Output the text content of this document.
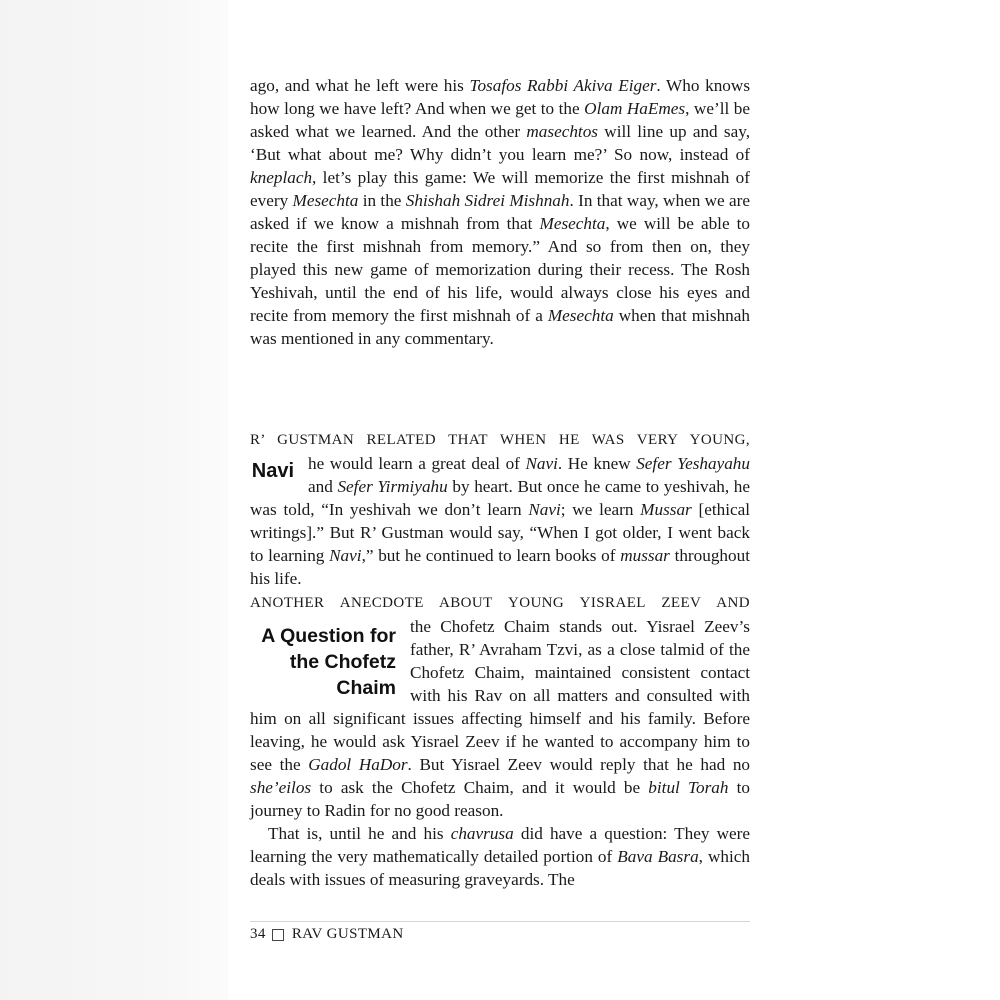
ago, and what he left were his Tosafos Rabbi Akiva Eiger. Who knows how long we have left? And when we get to the Olam HaEmes, we’ll be asked what we learned. And the other masechtos will line up and say, ‘But what about me? Why didn’t you learn me?’ So now, instead of kneplach, let’s play this game: We will memorize the first mishnah of every Mesechta in the Shishah Sidrei Mishnah. In that way, when we are asked if we know a mishnah from that Mesechta, we will be able to recite the first mishnah from memory.” And so from then on, they played this new game of memorization during their recess. The Rosh Yeshivah, until the end of his life, would always close his eyes and recite from memory the first mishnah of a Mesechta when that mishnah was mentioned in any commentary.

R’ GUSTMAN RELATED THAT WHEN HE WAS VERY YOUNG,
Navi he would learn a great deal of Navi. He knew Sefer Yeshayahu and Sefer Yirmiyahu by heart. But once he came to yeshivah, he was told, “In yeshivah we don’t learn Navi; we learn Mussar [ethical writings].” But R’ Gustman would say, “When I got older, I went back to learning Navi,” but he continued to learn books of mussar throughout his life.

ANOTHER ANECDOTE ABOUT YOUNG YISRAEL ZEEV AND
A Question for
the Chofetz
Chaim

the Chofetz Chaim stands out. Yisrael Zeev’s father, R’ Avraham Tzvi, as a close talmid of the Chofetz Chaim, maintained consistent contact with his Rav on all matters and consulted with him on all significant issues affecting himself and his family. Before leaving, he would ask Yisrael Zeev if he wanted to accompany him to see the Gadol HaDor. But Yisrael Zeev would reply that he had no she’eilos to ask the Chofetz Chaim, and it would be bitul Torah to journey to Radin for no good reason.

That is, until he and his chavrusa did have a question: They were learning the very mathematically detailed portion of Bava Basra, which deals with issues of measuring graveyards. The

34 RAV GUSTMAN
